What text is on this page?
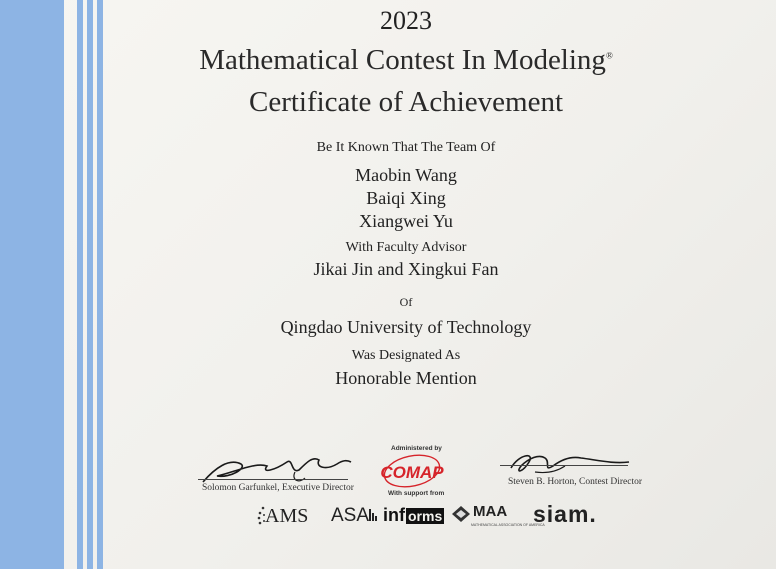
2023
Mathematical Contest In Modeling®
Certificate of Achievement
Be It Known That The Team Of
Maobin Wang
Baiqi Xing
Xiangwei Yu
With Faculty Advisor
Jikai Jin and Xingkui Fan
Of
Qingdao University of Technology
Was Designated As
Honorable Mention
Solomon Garfunkel, Executive Director
Steven B. Horton, Contest Director
Administered by
COMAP
With support from
AMS ASA inf orms MAA
MATHEMATICAL ASSOCIATION OF AMERICA
siam.
